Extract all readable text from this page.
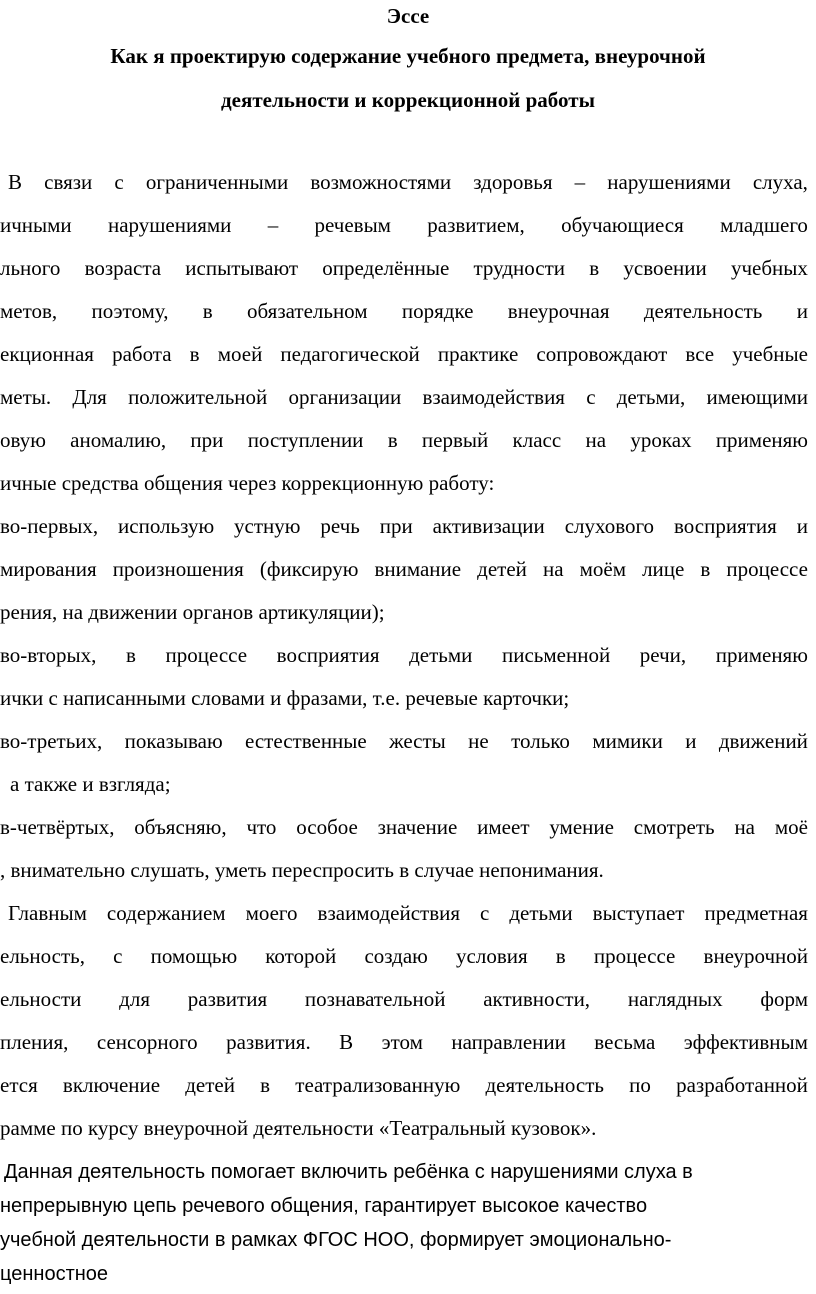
Эссе
Как я проектирую содержание учебного предмета, внеурочной
деятельности и коррекционной работы
В связи с ограниченными возможностями здоровья – нарушениями слуха,
ичными нарушениями – речевым развитием, обучающиеся младшего
льного возраста испытывают определённые трудности в усвоении учебных
метов, поэтому, в обязательном порядке внеурочная деятельность и
екционная работа в моей педагогической практике сопровождают все учебные
меты. Для положительной организации взаимодействия с детьми, имеющими
овую аномалию, при поступлении в первый класс на уроках применяю
ичные средства общения через коррекционную работу:
во-первых, использую устную речь при активизации слухового восприятия и
мирования произношения (фиксирую внимание детей на моём лице в процессе
рения, на движении органов артикуляции);
во-вторых, в процессе восприятия детьми письменной речи, применяю
ички с написанными словами и фразами, т.е. речевые карточки;
во-третьих, показываю естественные жесты не только мимики и движений
а также и взгляда;
в-четвёртых, объясняю, что особое значение имеет умение смотреть на моё
, внимательно слушать, уметь переспросить в случае непонимания.
Главным содержанием моего взаимодействия с детьми выступает предметная
ельность, с помощью которой создаю условия в процессе внеурочной
ельности для развития познавательной активности, наглядных форм
пления, сенсорного развития. В этом направлении весьма эффективным
ется включение детей в театрализованную деятельность по разработанной
рамме по курсу внеурочной деятельности «Театральный кузовок».
Данная деятельность помогает включить ребёнка с нарушениями слуха в
непрерывную цепь речевого общения, гарантирует высокое качество
учебной деятельности в рамках ФГОС НОО, формирует эмоционально-
ценностное
